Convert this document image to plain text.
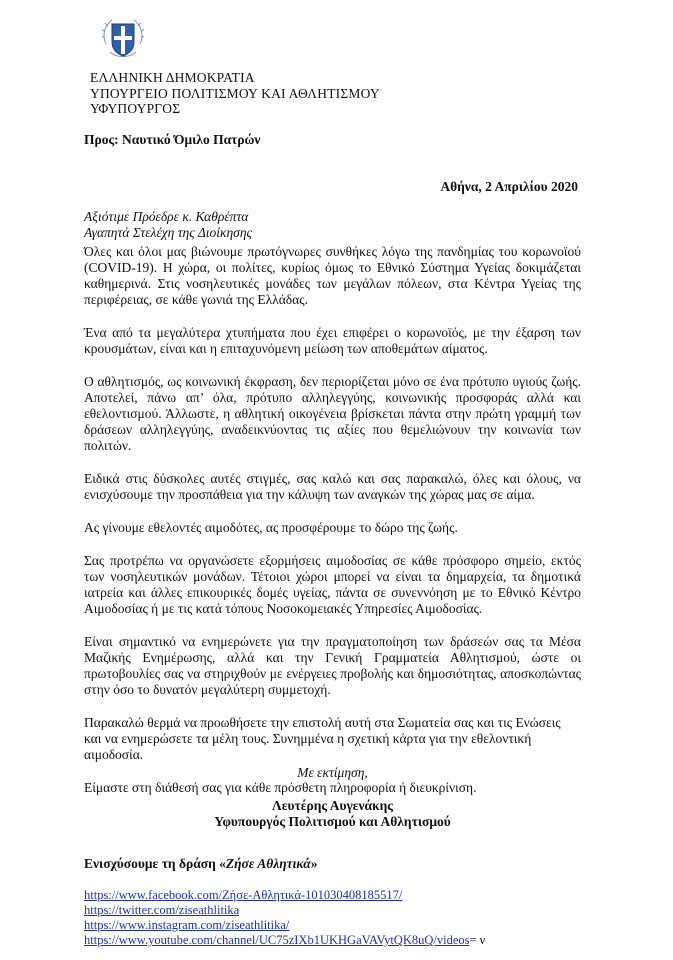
ΕΛΛΗΝΙΚΗ ΔΗΜΟΚΡΑΤΙΑ
ΥΠΟΥΡΓΕΙΟ ΠΟΛΙΤΙΣΜΟΥ ΚΑΙ ΑΘΛΗΤΙΣΜΟΥ
ΥΦΥΠΟΥΡΓΟΣ
Προς: Ναυτικό Όμιλο Πατρών
Αθήνα, 2 Απριλίου 2020
Αξιότιμε Πρόεδρε κ. Καθρέπτα
Αγαπητά Στελέχη της Διοίκησης

Όλες και όλοι μας βιώνουμε πρωτόγνωρες συνθήκες λόγω της πανδημίας του κορωνοϊού (COVID-19). Η χώρα, οι πολίτες, κυρίως όμως το Εθνικό Σύστημα Υγείας δοκιμάζεται καθημερινά. Στις νοσηλευτικές μονάδες των μεγάλων πόλεων, στα Κέντρα Υγείας της περιφέρειας, σε κάθε γωνιά της Ελλάδας.

Ένα από τα μεγαλύτερα χτυπήματα που έχει επιφέρει ο κορωνοϊός, με την έξαρση των κρουσμάτων, είναι και η επιταχυνόμενη μείωση των αποθεμάτων αίματος.

Ο αθλητισμός, ως κοινωνική έκφραση, δεν περιορίζεται μόνο σε ένα πρότυπο υγιούς ζωής. Αποτελεί, πάνω απ’ όλα, πρότυπο αλληλεγγύης, κοινωνικής προσφοράς αλλά και εθελοντισμού. Άλλωστε, η αθλητική οικογένεια βρίσκεται πάντα στην πρώτη γραμμή των δράσεων αλληλεγγύης, αναδεικνύοντας τις αξίες που θεμελιώνουν την κοινωνία των πολιτών.

Ειδικά στις δύσκολες αυτές στιγμές, σας καλώ και σας παρακαλώ, όλες και όλους, να ενισχύσουμε την προσπάθεια για την κάλυψη των αναγκών της χώρας μας σε αίμα.

Ας γίνουμε εθελοντές αιμοδότες, ας προσφέρουμε το δώρο της ζωής.

Σας προτρέπω να οργανώσετε εξορμήσεις αιμοδοσίας σε κάθε πρόσφορο σημείο, εκτός των νοσηλευτικών μονάδων. Τέτοιοι χώροι μπορεί να είναι τα δημαρχεία, τα δημοτικά ιατρεία και άλλες επικουρικές δομές υγείας, πάντα σε συνεννόηση με το Εθνικό Κέντρο Αιμοδοσίας ή με τις κατά τόπους Νοσοκομειακές Υπηρεσίες Αιμοδοσίας.

Είναι σημαντικό να ενημερώνετε για την πραγματοποίηση των δράσεών σας τα Μέσα Μαζικής Ενημέρωσης, αλλά και την Γενική Γραμματεία Αθλητισμού, ώστε οι πρωτοβουλίες σας να στηριχθούν με ενέργειες προβολής και δημοσιότητας, αποσκοπώντας στην όσο το δυνατόν μεγαλύτερη συμμετοχή.

Παρακαλώ θερμά να προωθήσετε την επιστολή αυτή στα Σωματεία σας και τις Ενώσεις και να ενημερώσετε τα μέλη τους. Συνημμένα η σχετική κάρτα για την εθελοντική αιμοδοσία.

Είμαστε στη διάθεσή σας για κάθε πρόσθετη πληροφορία ή διευκρίνιση.

Με εκτίμηση,
Λευτέρης Αυγενάκης
Υφυπουργός Πολιτισμού και Αθλητισμού
Ενισχύσουμε τη δράση «Ζήσε Αθλητικά»
https://www.facebook.com/Ζήσε-Αθλητικά-101030408185517/
https://twitter.com/ziseathlitika
https://www.instagram.com/ziseathlitika/
https://www.youtube.com/channel/UC75zIXb1UKHGaVAVytQK8uQ/videos= ν
